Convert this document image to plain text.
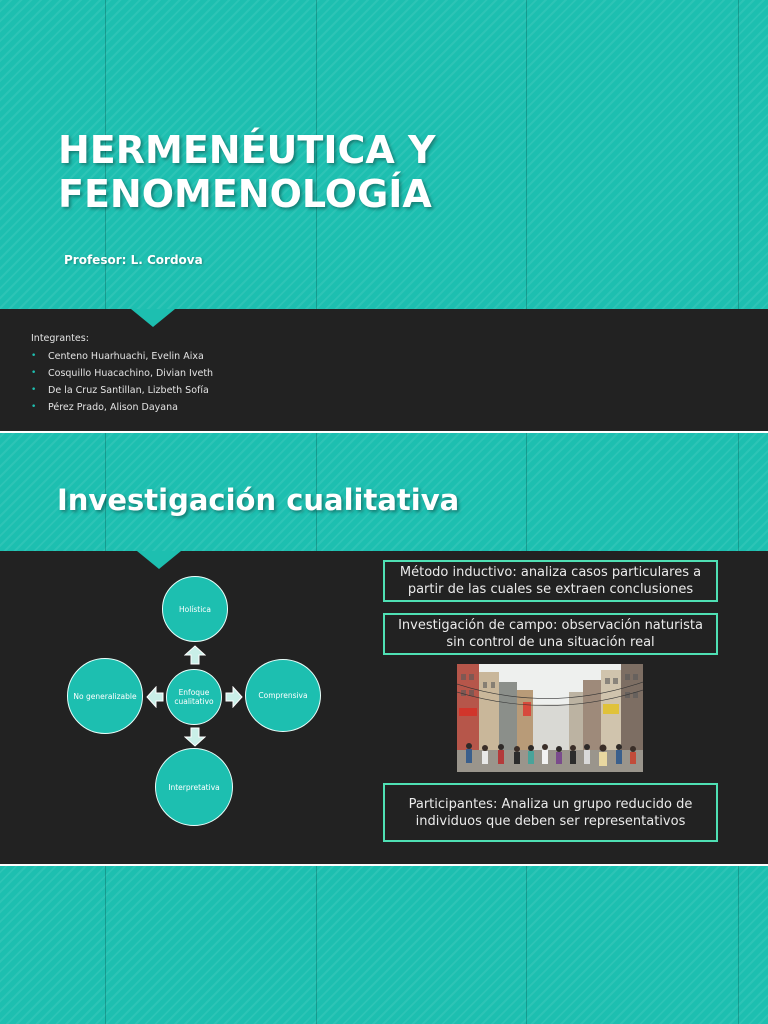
HERMENÉUTICA Y
FENOMENOLOGÍA
Profesor: L. Cordova
Integrantes:
• Centeno Huarhuachi, Evelin Aixa
• Cosquillo Huacachino, Divian Iveth
• De la Cruz Santillan, Lizbeth Sofía
• Pérez Prado, Alison Dayana
Investigación cualitativa
Holística
Enfoque cualitativo
Comprensiva
Interpretativa
No generalizable
Método inductivo: analiza casos particulares a partir de las cuales se extraen conclusiones
Investigación de campo: observación naturista sin control de una situación real
Participantes: Analiza un grupo reducido de individuos que deben ser representativos
